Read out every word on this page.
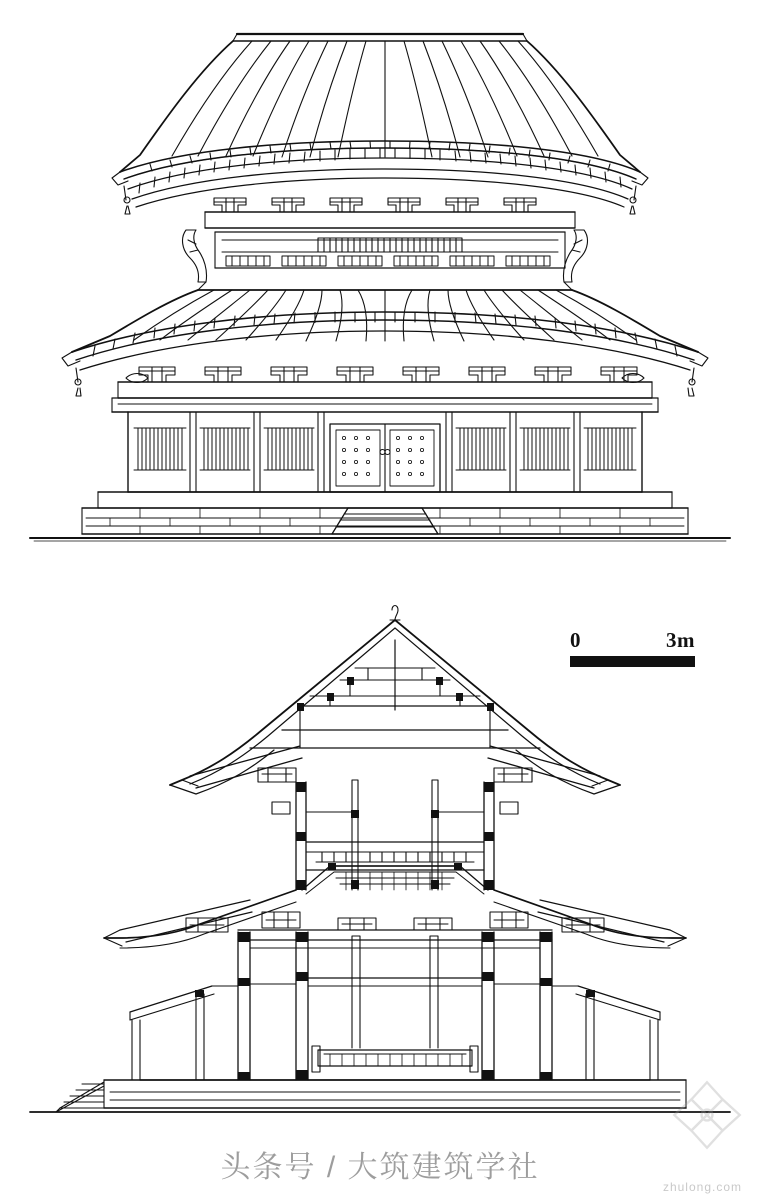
0	3m
头条号 / 大筑建筑学社
zhulong.com
